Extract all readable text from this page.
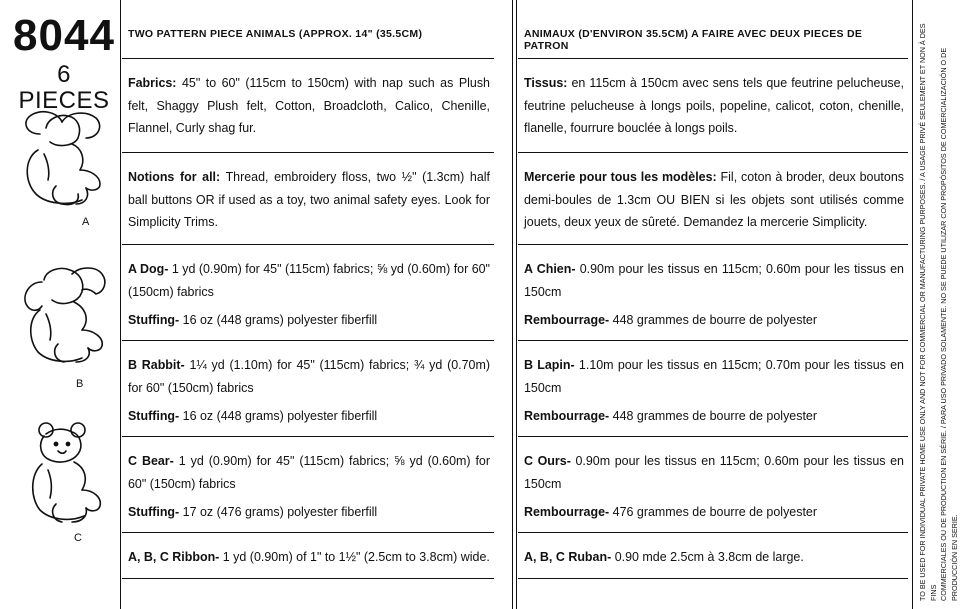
8044
6 PIECES
A
B
C
TWO PATTERN PIECE ANIMALS (APPROX. 14" (35.5CM)

Fabrics: 45" to 60" (115cm to 150cm) with nap such as Plush felt, Shaggy Plush felt, Cotton, Broadcloth, Calico, Chenille, Flannel, Curly shag fur.

Notions for all: Thread, embroidery floss, two ½" (1.3cm) half ball buttons OR if used as a toy, two animal safety eyes. Look for Simplicity Trims.

A Dog- 1 yd (0.90m) for 45" (115cm) fabrics; ⅝ yd (0.60m) for 60" (150cm) fabrics

Stuffing- 16 oz (448 grams) polyester fiberfill

B Rabbit- 1¼ yd (1.10m) for 45" (115cm) fabrics; ¾ yd (0.70m) for 60" (150cm) fabrics

Stuffing- 16 oz (448 grams) polyester fiberfill

C Bear- 1 yd (0.90m) for 45" (115cm) fabrics; ⅝ yd (0.60m) for 60" (150cm) fabrics

Stuffing- 17 oz (476 grams) polyester fiberfill

A, B, C Ribbon- 1 yd (0.90m) of 1" to 1½" (2.5cm to 3.8cm) wide.

ANIMAUX (D'ENVIRON 35.5CM) A FAIRE AVEC DEUX PIECES DE PATRON

Tissus: en 115cm à 150cm avec sens tels que feutrine pelucheuse, feutrine pelucheuse à longs poils, popeline, calicot, coton, chenille, flanelle, fourrure bouclée à longs poils.

Mercerie pour tous les modèles: Fil, coton à broder, deux boutons demi-boules de 1.3cm OU BIEN si les objets sont utilisés comme jouets, deux yeux de sûreté. Demandez la mercerie Simplicity.

A Chien- 0.90m pour les tissus en 115cm; 0.60m pour les tissus en 150cm

Rembourrage- 448 grammes de bourre de polyester

B Lapin- 1.10m pour les tissus en 115cm; 0.70m pour les tissus en 150cm

Rembourrage- 448 grammes de bourre de polyester

C Ours- 0.90m pour les tissus en 115cm; 0.60m pour les tissus en 150cm

Rembourrage- 476 grammes de bourre de polyester

A, B, C Ruban- 0.90 mde 2.5cm à 3.8cm de large.	TO BE USED FOR INDIVIDUAL PRIVATE HOME USE ONLY AND NOT FOR COMMERCIAL OR MANUFACTURING PURPOSES. / A USAGE PRIVÉ SEULEMENT ET NON À DES FINS COMMERCIALES OU DE PRODUCTION EN SÉRIE. / PARA USO PRIVADO SOLAMENTE. NO SE PUEDE UTILIZAR CON PROPÓSITOS DE COMERCIALIZACIÓN O DE PRODUCCIÓN EN SERIE.
